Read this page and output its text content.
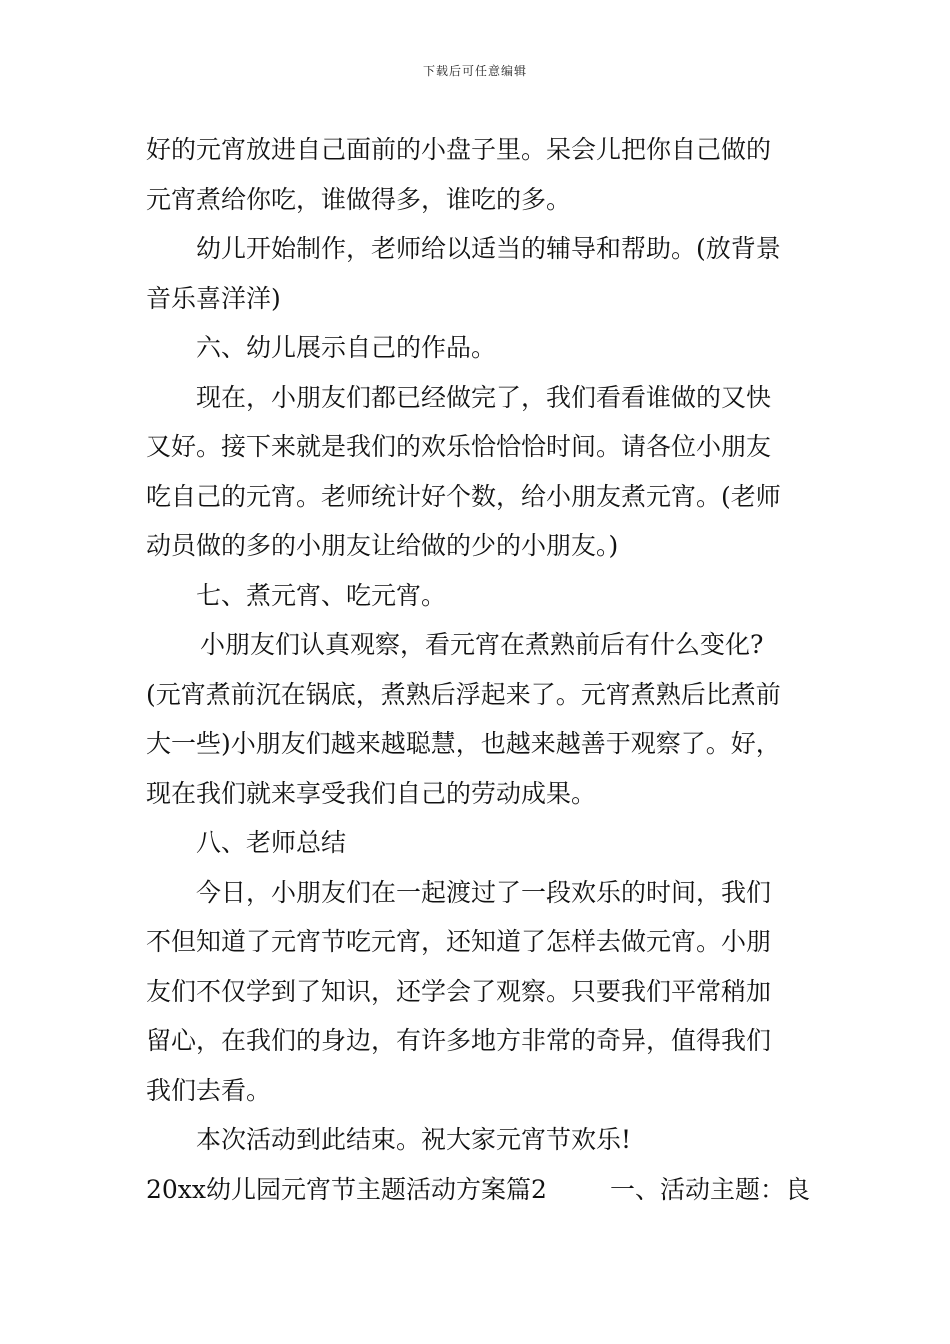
下载后可任意编辑
好的元宵放进自己面前的小盘子里。呆会儿把你自己做的
元宵煮给你吃，谁做得多，谁吃的多。
幼儿开始制作，老师给以适当的辅导和帮助。(放背景
音乐喜洋洋)
六、幼儿展示自己的作品。
现在，小朋友们都已经做完了，我们看看谁做的又快
又好。接下来就是我们的欢乐恰恰恰时间。请各位小朋友
吃自己的元宵。老师统计好个数，给小朋友煮元宵。(老师
动员做的多的小朋友让给做的少的小朋友。)
七、煮元宵、吃元宵。
小朋友们认真观察，看元宵在煮熟前后有什么变化?
(元宵煮前沉在锅底，煮熟后浮起来了。元宵煮熟后比煮前
大一些)小朋友们越来越聪慧，也越来越善于观察了。好，
现在我们就来享受我们自己的劳动成果。
八、老师总结
今日，小朋友们在一起渡过了一段欢乐的时间，我们
不但知道了元宵节吃元宵，还知道了怎样去做元宵。小朋
友们不仅学到了知识，还学会了观察。只要我们平常稍加
留心，在我们的身边，有许多地方非常的奇异，值得我们
我们去看。
本次活动到此结束。祝大家元宵节欢乐!
20xx幼儿园元宵节主题活动方案篇2	一、活动主题：良
